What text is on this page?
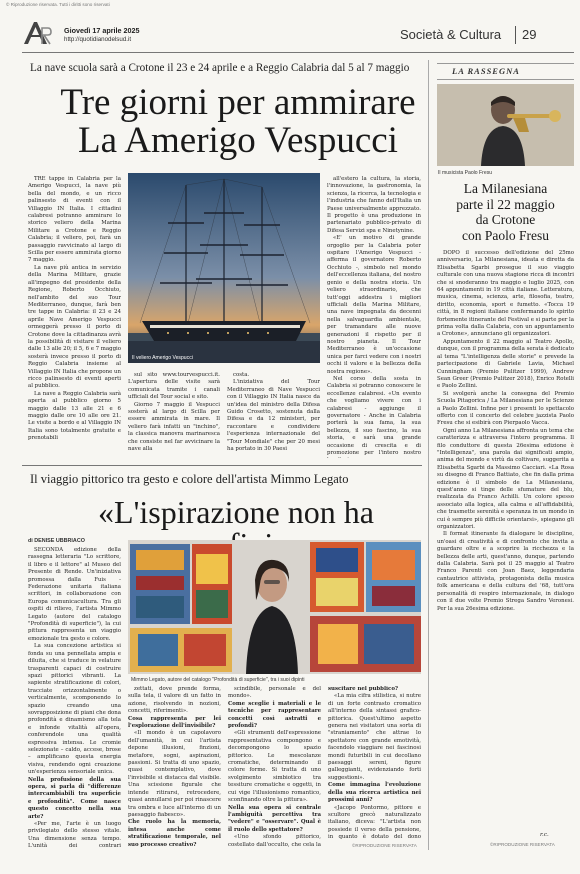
© Riproduzione riservata. Tutti i diritti sono riservati
Giovedì 17 aprile 2025
http://quotidianodelsud.it	Società & Cultura 29
La nave scuola sarà a Crotone il 23 e 24 aprile e a Reggio Calabria dal 5 al 7 maggio
Tre giorni per ammirare
La Amerigo Vespucci

TRE tappe in Calabria per la Amerigo Vespucci, la nave più bella del mondo, e un ricco palinsesto di eventi con il Villaggio IN Italia. I cittadini calabresi potranno ammirare lo storico veliero della Marina Militare a Crotone e Reggio Calabria; il veliero, poi, farà un passaggio ravvicinato al largo di Scilla per essere ammirata giorno 7 maggio.

La nave più antica in servizio della Marina Militare, grazie all'impegno del presidente della Regione, Roberto Occhiuto, nell'ambito del suo Tour Mediterraneo, dunque, farà ben tre tappe in Calabria: il 23 e 24 aprile Nave Amerigo Vespucci ormeggerà presso il porto di Crotone dove la cittadinanza avrà la possibilità di visitare il veliero dalle 13 alle 20; il 5, 6 e 7 maggio sosterà invece presso il porto di Reggio Calabria insieme al Villaggio IN Italia che propone un ricco palinsesto di eventi aperti al pubblico.

La nave a Reggio Calabria sarà aperta al pubblico giorno 5 maggio dalle 13 alle 21 e 6 maggio dalle ore 10 alle ore 21. Le visite a bordo e al Villaggio IN Italia sono totalmente gratuite e prenotabili

Il veliero Amerigo Vespucci

sul sito www.tourvespucci.it. L'apertura delle visite sarà comunicata tramite i canali ufficiali del Tour social e sito.

Giorno 7 maggio il Vespucci sosterà al largo di Scilla per essere ammirata in mare. Il veliero farà infatti un "inchino", la classica manovra marinaresca che consiste nel far avvicinare la nave alla

costa.

L'iniziativa del Tour Mediterraneo di Nave Vespucci con il Villaggio IN Italia nasce da un'idea del ministro della Difesa Guido Crosetto, sostenuta dalla Difesa e da 12 ministeri, per raccontare e condividere l'esperienza internazionale del "Tour Mondiale" che per 20 mesi ha portato in 30 Paesi

all'estero la cultura, la storia, l'innovazione, la gastronomia, la scienza, la ricerca, la tecnologia e l'industria che fanno dell'Italia un Paese universalmente apprezzato. Il progetto è una produzione in partenariato pubblico-privato di Difesa Servizi spa e Ninetynine.

«E' un motivo di grande orgoglio per la Calabria poter ospitare l'Amerigo Vespucci - afferma il governatore Roberto Occhiuto -, simbolo nel mondo dell'eccellenza italiana, del nostro genio e della nostra storia. Un veliero straordinario, che tutt'oggi addestra i migliori ufficiali della Marina Militare, una nave impegnata da decenni nella salvaguardia ambientale, per tramandare alle nuove generazioni il rispetto per il nostro pianeta. Il Tour Mediterraneo è un'occasione unica per farci vedere con i nostri occhi il valore e la bellezza della nostra regione».

Nel corso della sosta in Calabria si potranno conoscere le eccellenze calabresi. «Un evento che vogliamo vivere con i calabresi - aggiunge il governatore - Anche in Calabria porterà la sua fama, la sua bellezza, il suo fascino, la sua storia, e sarà una grande occasione di crescita e di promozione per l'intero nostro

LA RASSEGNA
Il musicista Paolo Fresu
La Milanesiana
parte il 22 maggio
da Crotone
con Paolo Fresu

DOPO il successo dell'edizione del 25mo anniversario, La Milanesiana, ideata e diretta da Elisabetta Sgarbi prosegue il suo viaggio culturale con una nuova stagione ricca di incontri che si snoderanno tra maggio e luglio 2025, con 64 appuntamenti in 19 città italiane. Letteratura, musica, cinema, scienza, arte, filosofia, teatro, diritto, economia, sport e fumetto. «Tocca 19 città, in 8 regioni italiane confermando lo spirito fortemente itinerante del Festival e si parte per la prima volta dalla Calabria, con un appuntamento a Crotone», annunciano gli organizzatori.

Appuntamento il 22 maggio al Teatro Apollo, dunque, con il programma della serata è dedicato al tema "L'intelligenza delle storie" e prevede la partecipazione di Gabriele Lavia, Michael Cunningham (Premio Pulitzer 1999), Andrew Sean Greer (Premio Pulitzer 2018), Enrico Rotelli e Paolo Zellini.

Si svolgerà anche la consegna del Premio Scuola Pitagorica / La Milanesiana per le Scienze a Paolo Zellini. Infine per i presenti lo spettacolo offerto con il concerto del celebre jazzista Paolo Fresu che si esibirà con Pierpaolo Vacca.

Ogni anno La Milanesiana affronta un tema che caratterizza e attraversa l'intero programma. Il filo conduttore di questa 26esima edizione è "Intelligenza", una parola dai significati ampio, anima del mondo e virtù da coltivare, suggerita a Elisabetta Sgarbi da Massimo Cacciari. «La Rosa su disegno di Franco Battiato, che fin dalla prima edizione è il simbolo de La Milanesiana, quest'anno si tinge delle sfumature del blu, realizzata da Franco Achilli. Un colore spesso associato alla logica, alla calma e all'affidabilità, che trasmette serenità e speranza in un mondo in cui è sempre più difficile orientarsi», spiegano gli organizzatori.

Il format itinerante fa dialogare le discipline, un'oasi di creatività e di confronto che invita a guardare oltre e a scoprire la ricchezza e la bellezza delle arti, quest'anno, dunque, partendo dalla Calabria. Sarà poi il 25 maggio al Teatro Franco Parenti con Joan Baez, leggendaria cantautrice attivista, protagonista della musica folk americana e della cultura del '68, tutt'ora personalità di respiro internazionale, in dialogo con il due volte Premio Strega Sandro Veronesi. Per la sua 26esima edizione.

r.c.
©RIPRODUZIONE RISERVATA
Il viaggio pittorico tra gesto e colore dell'artista Mimmo Legato
«L'ispirazione non ha
di DENISE UBBRIACO

SECONDA edizione della rassegna letteraria "Lo scrittore, il libro e il lettore" al Museo del Presente di Rende. Un'iniziativa promossa dalla Fuis - Federazione unitaria italiana scrittori, in collaborazione con Europa comunicacultura. Tra gli ospiti di rilievo, l'artista Mimmo Legato (autore del catalogo "Profondità di superficie"), la cui pittura rappresenta un viaggio emozionale tra gesto e colore.

La sua concezione artistica si fonda su una pennellata ampia e diluita, che si traduce in velature trasparenti capaci di costruire spazi pittorici vibranti. La sapiente stratificazione di colori, tracciate orizzontalmente o verticalmente, scomponendo lo spazio creando una sovrapposizione di piani che dona profondità e dinamismo alla tela e infonde vitalità all'opera, conferendole una qualità espressiva intensa. Le cromie selezionate – caldo, accese, brose – amplificano questa energia visiva, rendendo ogni creazione un'esperienza sensoriale unica.

Nella profusione della sua opera, si parla di "differenze intercambiabili tra superficie e profondità". Come nasce questo concetto nella sua arte?

«Per me, l'arte è un luogo privilegiato dello stesso vitale. Una dimensione senza tempo. L'unità dei contrari

Mimmo Legato, autore del catalogo "Profondità di superficie", tra i suoi dipinti

zettati, dove prende forma, sulla tela, il valore di un fatto in azione, risolvendo in nozioni, concetti, riferimenti».

Cosa rappresenta per lei l'esplorazione dell'invisibile?

«Il mondo è un capolavoro dell'umanità, in cui l'artista depone illusioni, finzioni, metafore, sogni, aspirazioni, passioni. Si tratta di uno spazio, quasi contemplativo, dove l'invisibile si distacca dal visibile. Una scissione figurale che intende ritirarsi, retrocedere, quasi annullarsi per poi rinascere tra ombra e luce all'interno di un paesaggio fiabesco».

Che ruolo ha la memoria, intesa anche come stratificazione temporale, nel suo processo creativo?

scindibile, personale e del mondo».

Come sceglie i materiali e le tecniche per rappresentare concetti così astratti e profondi?

«Gli strumenti dell'espressione rappresentativa compongono e decompongono lo spazio pittorico. Le mescolanze cromatiche, determinando il colore forme. Si tratta di uno svolgimento simbiotico tra tessiture cromatiche e oggetti, in cui vige l'illusionismo romantico, sconfinando oltre la pittura».

Nella sua opera si centrale l'ambiguità percettiva tra "vedere" e "osservare". Qual è il ruolo dello spettatore?

«Uno sfondo pittorico, costellato dall'occulto, che cela la

suscitare nel pubblico?

«La mia cifra stilistica, si nutre di un forte contrasto cromatico all'interno della sintassi grafico-pittorica. Quest'ultimo aspetto genera nei visitatori una sorta di "straniamento" che attrae lo spettatore con grande emotività, facendolo viaggiare nei fascinosi mondi futuribili in cui decollano paesaggi sereni, figure galleggianti, evidenziando forti suggestioni».

Come immagina l'evoluzione della sua ricerca artistica nei prossimi anni?

«Jacopo Pontormo, pittore e scultore grecò naturalizzato italiano, diceva: "L'artista non possiede il verso della pensione, in quanto è dotato del dono

©RIPRODUZIONE RISERVATA
